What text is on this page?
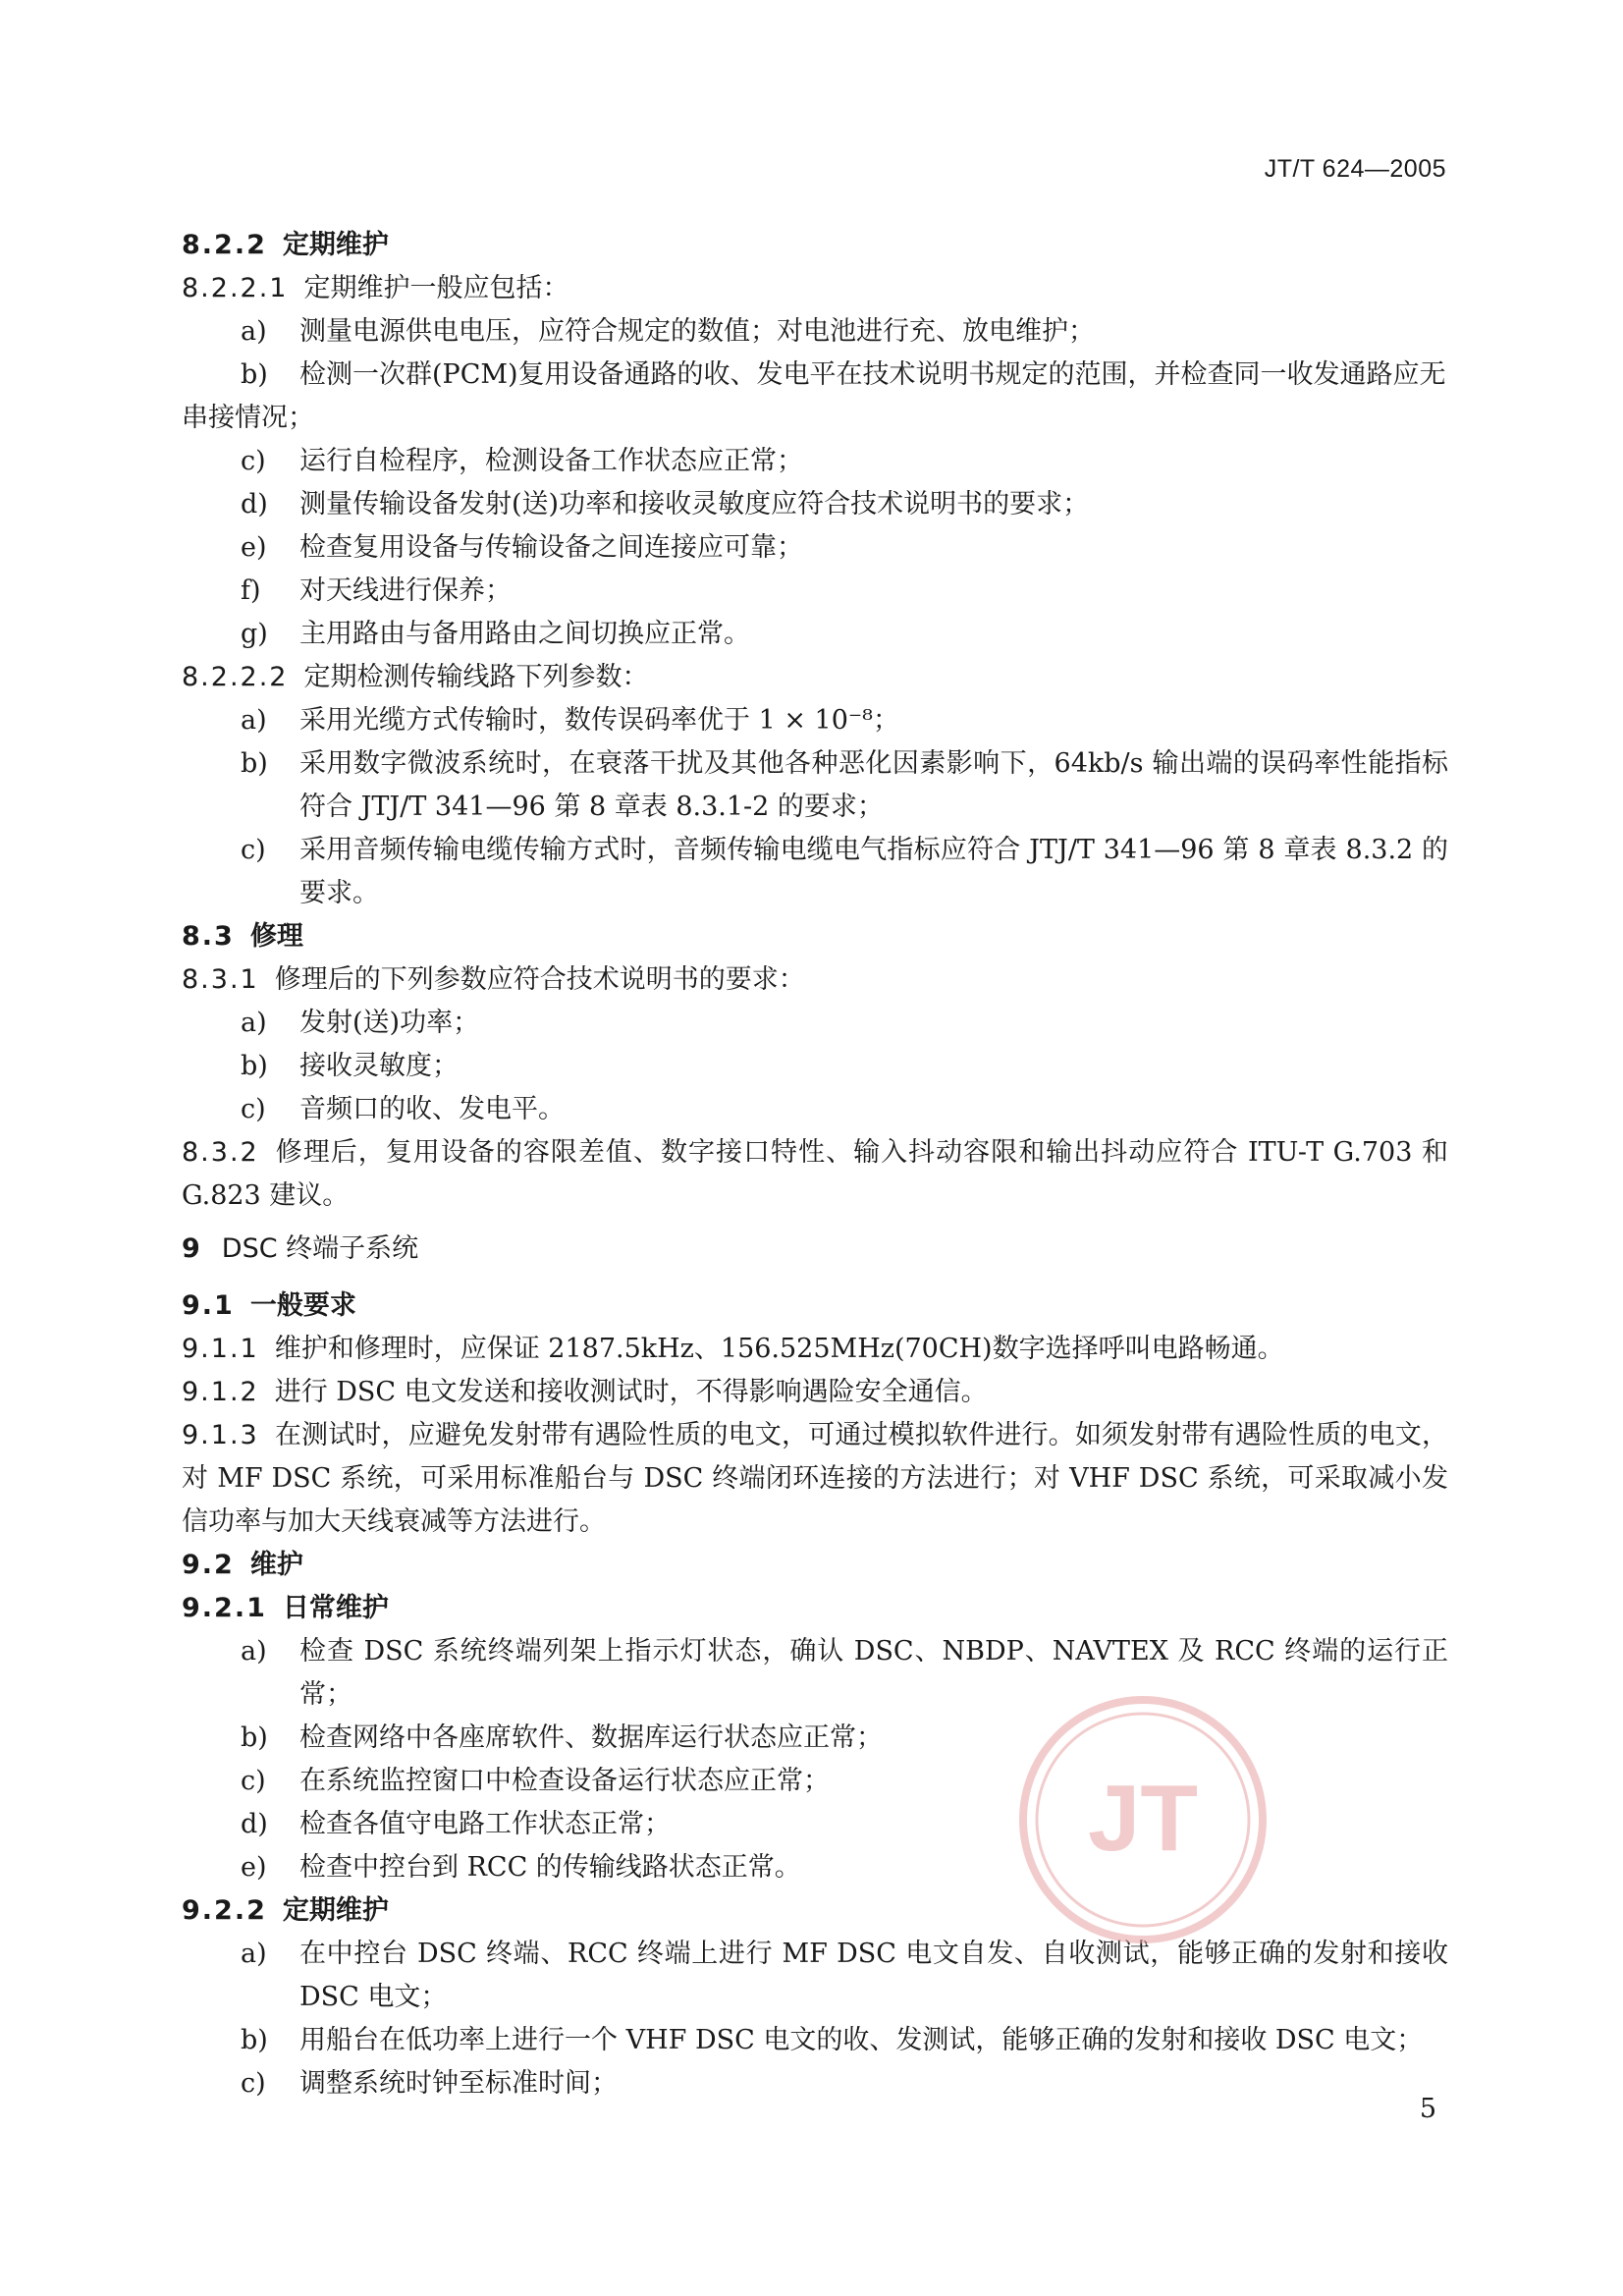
JT/T 624—2005
8.2.2 定期维护
8.2.2.1 定期维护一般应包括：
a)	测量电源供电电压，应符合规定的数值；对电池进行充、放电维护；
b) 检测一次群(PCM)复用设备通路的收、发电平在技术说明书规定的范围，并检查同一收发通路应无串接情况；
c)	运行自检程序，检测设备工作状态应正常；
d)	测量传输设备发射(送)功率和接收灵敏度应符合技术说明书的要求；
e)	检查复用设备与传输设备之间连接应可靠；
f)	对天线进行保养；
g)	主用路由与备用路由之间切换应正常。
8.2.2.2 定期检测传输线路下列参数：
a)	采用光缆方式传输时，数传误码率优于 1 × 10⁻⁸；
b)	采用数字微波系统时，在衰落干扰及其他各种恶化因素影响下，64kb/s 输出端的误码率性能指标符合 JTJ/T 341—96 第 8 章表 8.3.1-2 的要求；
c)	采用音频传输电缆传输方式时，音频传输电缆电气指标应符合 JTJ/T 341—96 第 8 章表 8.3.2 的要求。
8.3 修理
8.3.1 修理后的下列参数应符合技术说明书的要求：
a)	发射(送)功率；
b)	接收灵敏度；
c)	音频口的收、发电平。
8.3.2 修理后，复用设备的容限差值、数字接口特性、输入抖动容限和输出抖动应符合 ITU-T G.703 和 G.823 建议。
9 DSC 终端子系统
9.1 一般要求
9.1.1 维护和修理时，应保证 2187.5kHz、156.525MHz(70CH)数字选择呼叫电路畅通。
9.1.2 进行 DSC 电文发送和接收测试时，不得影响遇险安全通信。
9.1.3 在测试时，应避免发射带有遇险性质的电文，可通过模拟软件进行。如须发射带有遇险性质的电文，对 MF DSC 系统，可采用标准船台与 DSC 终端闭环连接的方法进行；对 VHF DSC 系统，可采取减小发信功率与加大天线衰减等方法进行。
9.2 维护
9.2.1 日常维护
a)	检查 DSC 系统终端列架上指示灯状态，确认 DSC、NBDP、NAVTEX 及 RCC 终端的运行正常；
b)	检查网络中各座席软件、数据库运行状态应正常；
c)	在系统监控窗口中检查设备运行状态应正常；
d)	检查各值守电路工作状态正常；
e)	检查中控台到 RCC 的传输线路状态正常。
9.2.2 定期维护
a)	在中控台 DSC 终端、RCC 终端上进行 MF DSC 电文自发、自收测试，能够正确的发射和接收 DSC 电文；
b)	用船台在低功率上进行一个 VHF DSC 电文的收、发测试，能够正确的发射和接收 DSC 电文；
c)	调整系统时钟至标准时间；
JT
5
